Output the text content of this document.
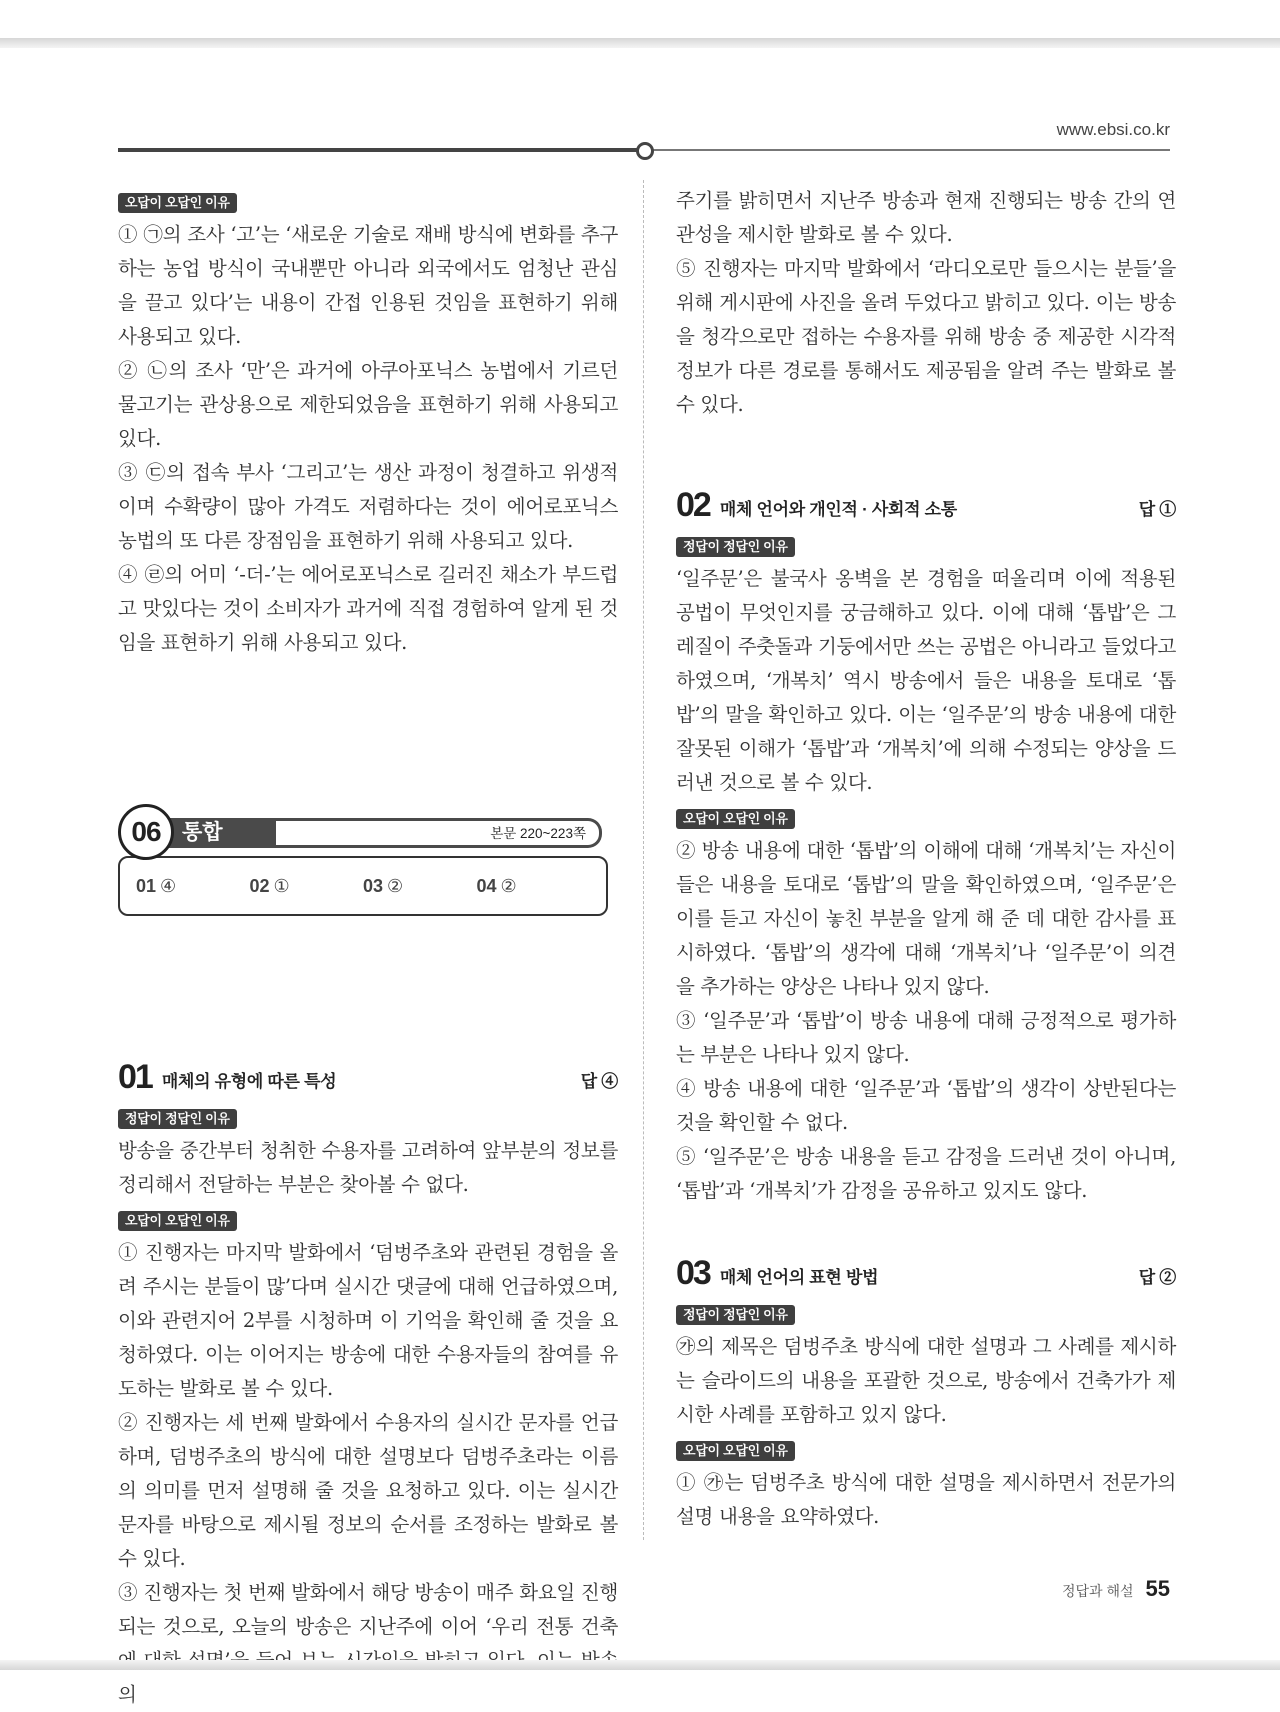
www.ebsi.co.kr
오답이 오답인 이유

① ㉠의 조사 ‘고’는 ‘새로운 기술로 재배 방식에 변화를 추구하는 농업 방식이 국내뿐만 아니라 외국에서도 엄청난 관심을 끌고 있다’는 내용이 간접 인용된 것임을 표현하기 위해 사용되고 있다.

② ㉡의 조사 ‘만’은 과거에 아쿠아포닉스 농법에서 기르던 물고기는 관상용으로 제한되었음을 표현하기 위해 사용되고 있다.

③ ㉢의 접속 부사 ‘그리고’는 생산 과정이 청결하고 위생적이며 수확량이 많아 가격도 저렴하다는 것이 에어로포닉스 농법의 또 다른 장점임을 표현하기 위해 사용되고 있다.

④ ㉣의 어미 ‘-더-’는 에어로포닉스로 길러진 채소가 부드럽고 맛있다는 것이 소비자가 과거에 직접 경험하여 알게 된 것임을 표현하기 위해 사용되고 있다.

01 매체의 유형에 따른 특성	답 ④
정답이 정답인 이유

방송을 중간부터 청취한 수용자를 고려하여 앞부분의 정보를 정리해서 전달하는 부분은 찾아볼 수 없다.

오답이 오답인 이유

① 진행자는 마지막 발화에서 ‘덤벙주초와 관련된 경험을 올려 주시는 분들이 많’다며 실시간 댓글에 대해 언급하였으며, 이와 관련지어 2부를 시청하며 이 기억을 확인해 줄 것을 요청하였다. 이는 이어지는 방송에 대한 수용자들의 참여를 유도하는 발화로 볼 수 있다.

② 진행자는 세 번째 발화에서 수용자의 실시간 문자를 언급하며, 덤벙주초의 방식에 대한 설명보다 덤벙주초라는 이름의 의미를 먼저 설명해 줄 것을 요청하고 있다. 이는 실시간 문자를 바탕으로 제시될 정보의 순서를 조정하는 발화로 볼 수 있다.

③ 진행자는 첫 번째 발화에서 해당 방송이 매주 화요일 진행되는 것으로, 오늘의 방송은 지난주에 이어 ‘우리 전통 건축 의

06	통합	본문 220~223쪽
01 ④	02 ①	03 ②	04 ②

주기를 밝히면서 지난주 방송과 현재 진행되는 방송 간의 연관성을 제시한 발화로 볼 수 있다.

⑤ 진행자는 마지막 발화에서 ‘라디오로만 들으시는 분들’을 위해 게시판에 사진을 올려 두었다고 밝히고 있다. 이는 방송을 청각으로만 접하는 수용자를 위해 방송 중 제공한 시각적 정보가 다른 경로를 통해서도 제공됨을 알려 주는 발화로 볼 수 있다.

02 매체 언어와 개인적 · 사회적 소통	답 ①
정답이 정답인 이유

‘일주문’은 불국사 옹벽을 본 경험을 떠올리며 이에 적용된 공법이 무엇인지를 궁금해하고 있다. 이에 대해 ‘톱밥’은 그레질이 주춧돌과 기둥에서만 쓰는 공법은 아니라고 들었다고 하였으며, ‘개복치’ 역시 방송에서 들은 내용을 토대로 ‘톱밥’의 말을 확인하고 있다. 이는 ‘일주문’의 방송 내용에 대한 잘못된 이해가 ‘톱밥’과 ‘개복치’에 의해 수정되는 양상을 드러낸 것으로 볼 수 있다.

오답이 오답인 이유

② 방송 내용에 대한 ‘톱밥’의 이해에 대해 ‘개복치’는 자신이 들은 내용을 토대로 ‘톱밥’의 말을 확인하였으며, ‘일주문’은 이를 듣고 자신이 놓친 부분을 알게 해 준 데 대한 감사를 표시하였다. ‘톱밥’의 생각에 대해 ‘개복치’나 ‘일주문’이 의견을 추가하는 양상은 나타나 있지 않다.

③ ‘일주문’과 ‘톱밥’이 방송 내용에 대해 긍정적으로 평가하는 부분은 나타나 있지 않다.

④ 방송 내용에 대한 ‘일주문’과 ‘톱밥’의 생각이 상반된다는 것을 확인할 수 없다.

⑤ ‘일주문’은 방송 내용을 듣고 감정을 드러낸 것이 아니며, ‘톱밥’과 ‘개복치’가 감정을 공유하고 있지도 않다.

03 매체 언어의 표현 방법	답 ②
정답이 정답인 이유

㉮의 제목은 덤벙주초 방식에 대한 설명과 그 사례를 제시하는 슬라이드의 내용을 포괄한 것으로, 방송에서 건축가가 제시한 사례를 포함하고 있지 않다.

오답이 오답인 이유

① ㉮는 덤벙주초 방식에 대한 설명을 제시하면서 전문가의 설명 내용을 요약하였다.

정답과 해설 55
